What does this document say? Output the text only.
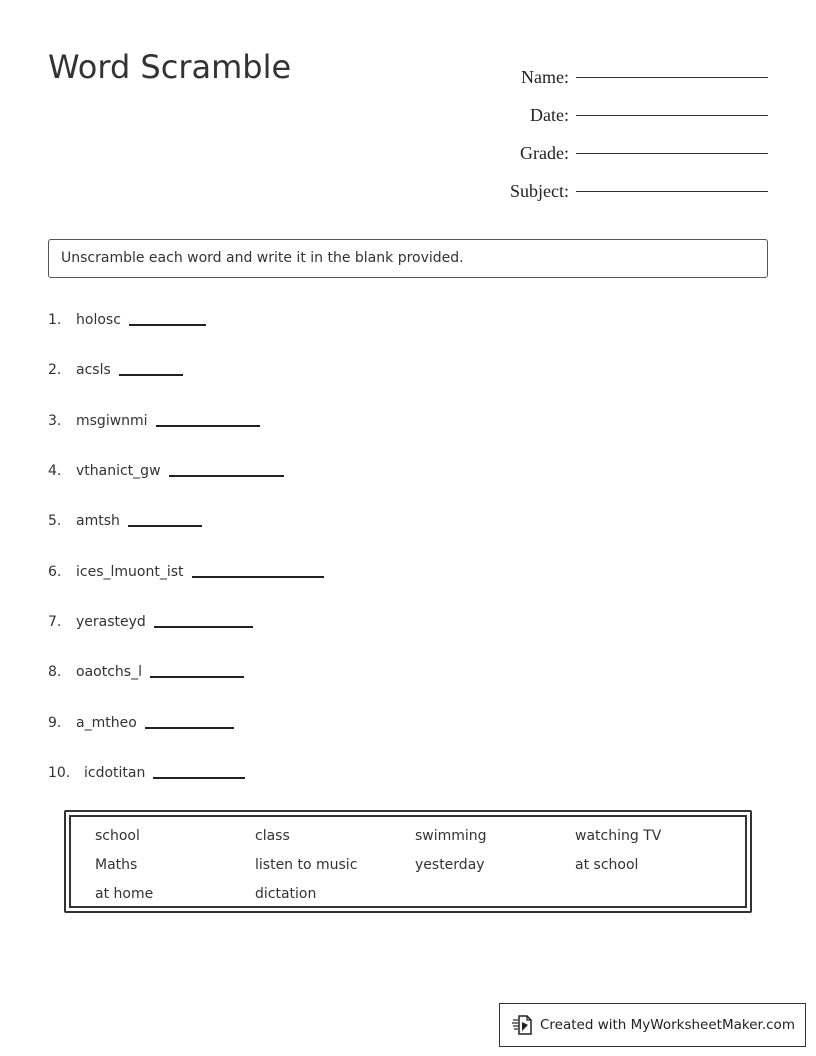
Word Scramble	Name:
Date:
Grade:
Subject:
Unscramble each word and write it in the blank provided.
1.	holosc
2.	acsls
3.	msgiwnmi
4.	vthanict_gw
5.	amtsh
6.	ices_lmuont_ist
7.	yerasteyd
8.	oaotchs_l
9.	a_mtheo
10. icdotitan
school	class	swimming	watching TV
Maths	listen to music	yesterday	at school
at home	dictation
Created with MyWorksheetMaker.com
